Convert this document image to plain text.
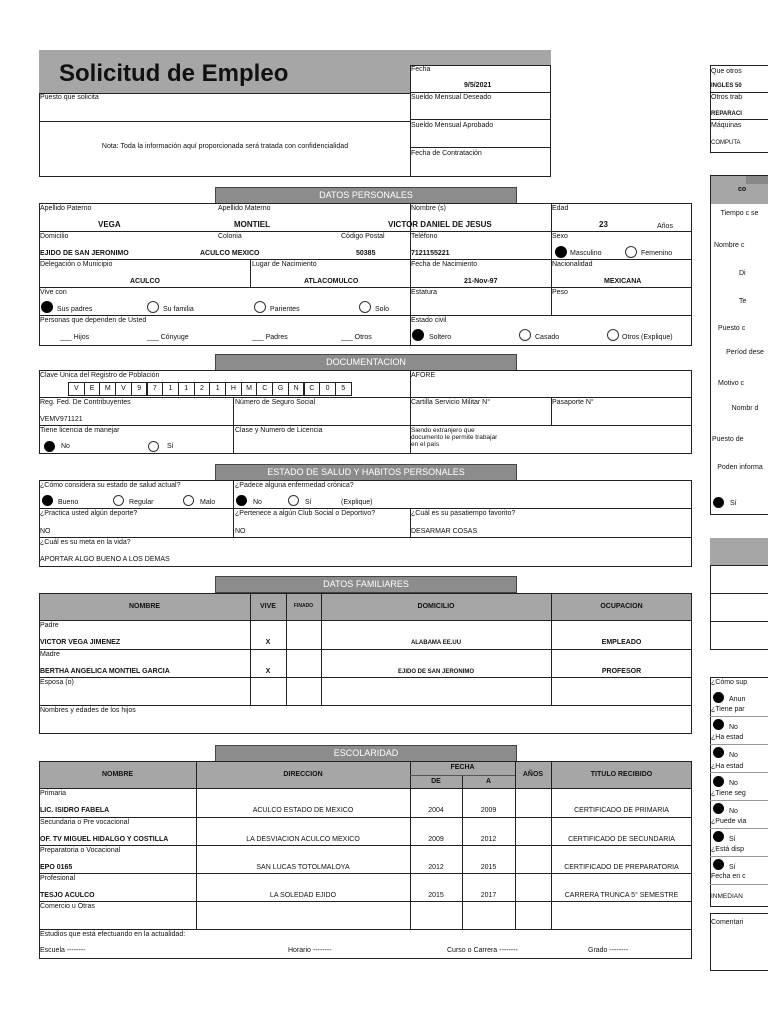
Solicitud de Empleo
Puesto que solicita
Nota: Toda la información aquí proporcionada será tratada con confidencialidad
Fecha
9/5/2021
Sueldo Mensual Deseado
Sueldo Mensual Aprobado
Fecha de Contratación
DATOS PERSONALES
Apellido Paterno
VEGA
Apellido Materno
MONTIEL
Nombre (s)
VICTOR DANIEL DE JESUS
Edad
23	Años
Domicilio
EJIDO DE SAN JERONIMO
Colonia
ACULCO MEXICO
Código Postal
50385
Teléfono
7121155221
Sexo
Masculino	Femenino
Delegación o Municipio
ACULCO
Lugar de Nacimiento
ATLACOMULCO
Fecha de Nacimiento
21-Nov-97
Nacionalidad
MEXICANA
Vive con
Sus padres	Su familia	Parientes	Solo
Estatura	Peso
Personas que dependen de Usted
___ Hijos	___ Cónyuge	___ Padres	___ Otros
Estado civil
Soltero	Casado	Otros (Explique)
DOCUMENTACION
Clave Única del Registro de Población
V	E	M	V	9	7	1	1	2	1	H	M	C	G	N	C	0	5
AFORE
Reg. Fed. De Contribuyentes
VEMV971121
Número de Seguro Social	Cartilla Servicio Militar N°	Pasaporte N°
Tiene licencia de manejar
No	Sí
Clase y Numero de Licencia	Siendo extranjero que documento le permite trabajar en el país
ESTADO DE SALUD Y HABITOS PERSONALES
¿Cómo considera su estado de salud actual?
Bueno	Regular	Malo
¿Padece alguna enfermedad crónica?
No	Sí	(Explique)
¿Practica usted algún deporte?
NO
¿Pertenece a algún Club Social o Deportivo?
NO
¿Cuál es su pasatiempo favorito?
DESARMAR COSAS
¿Cuál es su meta en la vida?
APORTAR ALGO BUENO A LOS DEMAS
DATOS FAMILIARES
NOMBRE	VIVE	FINADO	DOMICILIO	OCUPACION
Padre
VICTOR VEGA JIMENEZ	X	ALABAMA EE.UU	EMPLEADO
Madre
BERTHA ANGELICA MONTIEL GARCIA	X	EJIDO DE SAN JERONIMO	PROFESOR
Esposa (o)
Nombres y edades de los hijos
ESCOLARIDAD
NOMBRE	DIRECCION
FECHA
DE	A
AÑOS	TITULO RECIBIDO
Primaria
LIC. ISIDRO FABELA	ACULCO ESTADO DE MEXICO	2004	2009	CERTIFICADO DE PRIMARIA
Secundaria o Pre vocacional
OF. TV MIGUEL HIDALGO Y COSTILLA	LA DESVIACION ACULCO MEXICO	2009	2012	CERTIFICADO DE SECUNDARIA
Preparatoria o Vocacional
EPO 0165	SAN LUCAS TOTOLMALOYA	2012	2015	CERTIFICADO DE PREPARATORIA
Profesional
TESJO ACULCO	LA SOLEDAD EJIDO	2015	2017	CARRERA TRUNCA 5° SEMESTRE
Comercio u Otras
Estudios que está efectuando en la actualidad:
Escuela --------	Horario --------	Curso o Carrera --------	Grado --------
Que otros
INGLES 50
Otros trab
REPARACI
Máquinas
COMPUTA
co
Tiempo c se
Nombre c
Di
Te
Puesto c
Períod dese
Motivo c
Nombr d
Puesto de
Poden informa
Sí
¿Cómo sup
Anun
¿Tiene par
No
¿Ha estad
No
¿Ha estad
No
¿Tiene seg
No
¿Puede via
Sí
¿Está disp
Sí
Fecha en c
INMEDIAN
Comentari
